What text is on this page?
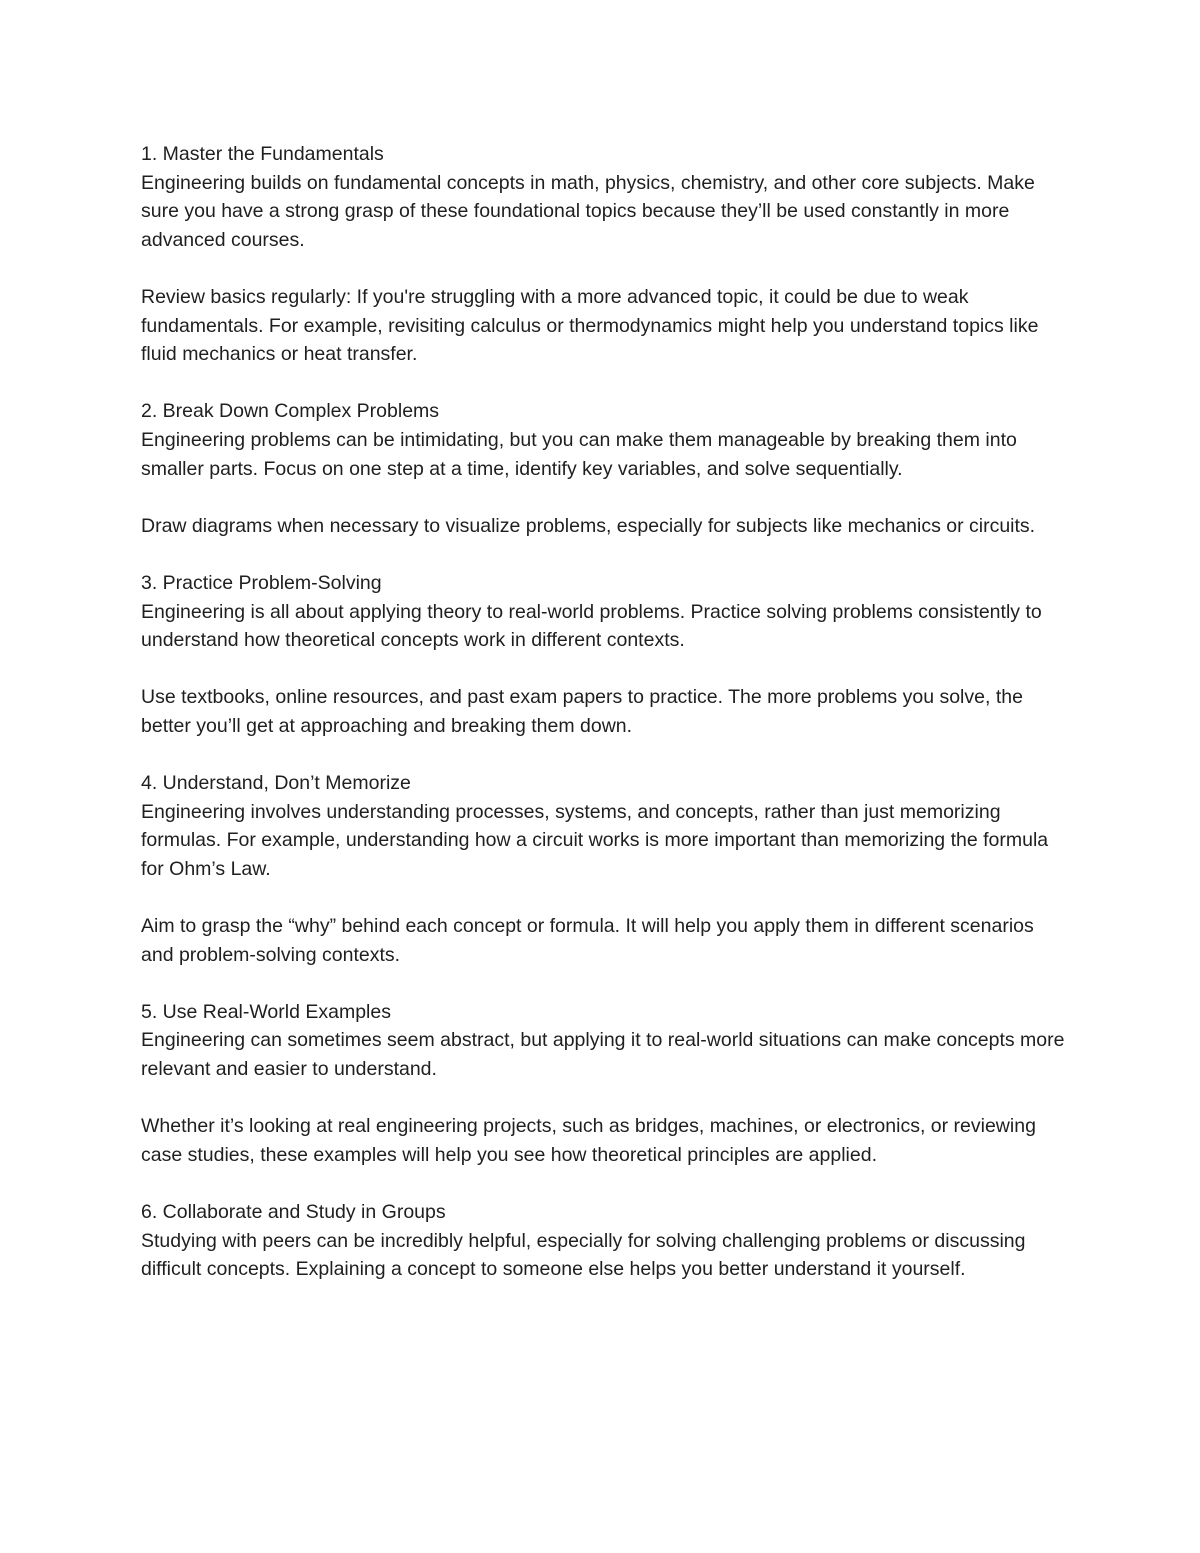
1. Master the Fundamentals

Engineering builds on fundamental concepts in math, physics, chemistry, and other core subjects. Make sure you have a strong grasp of these foundational topics because they’ll be used constantly in more advanced courses.

Review basics regularly: If you're struggling with a more advanced topic, it could be due to weak fundamentals. For example, revisiting calculus or thermodynamics might help you understand topics like fluid mechanics or heat transfer.

2. Break Down Complex Problems

Engineering problems can be intimidating, but you can make them manageable by breaking them into smaller parts. Focus on one step at a time, identify key variables, and solve sequentially.

Draw diagrams when necessary to visualize problems, especially for subjects like mechanics or circuits.

3. Practice Problem-Solving

Engineering is all about applying theory to real-world problems. Practice solving problems consistently to understand how theoretical concepts work in different contexts.

Use textbooks, online resources, and past exam papers to practice. The more problems you solve, the better you’ll get at approaching and breaking them down.

4. Understand, Don’t Memorize

Engineering involves understanding processes, systems, and concepts, rather than just memorizing formulas. For example, understanding how a circuit works is more important than memorizing the formula for Ohm’s Law.

Aim to grasp the “why” behind each concept or formula. It will help you apply them in different scenarios and problem-solving contexts.

5. Use Real-World Examples

Engineering can sometimes seem abstract, but applying it to real-world situations can make concepts more relevant and easier to understand.

Whether it’s looking at real engineering projects, such as bridges, machines, or electronics, or reviewing case studies, these examples will help you see how theoretical principles are applied.

6. Collaborate and Study in Groups

Studying with peers can be incredibly helpful, especially for solving challenging problems or discussing difficult concepts. Explaining a concept to someone else helps you better understand it yourself.
